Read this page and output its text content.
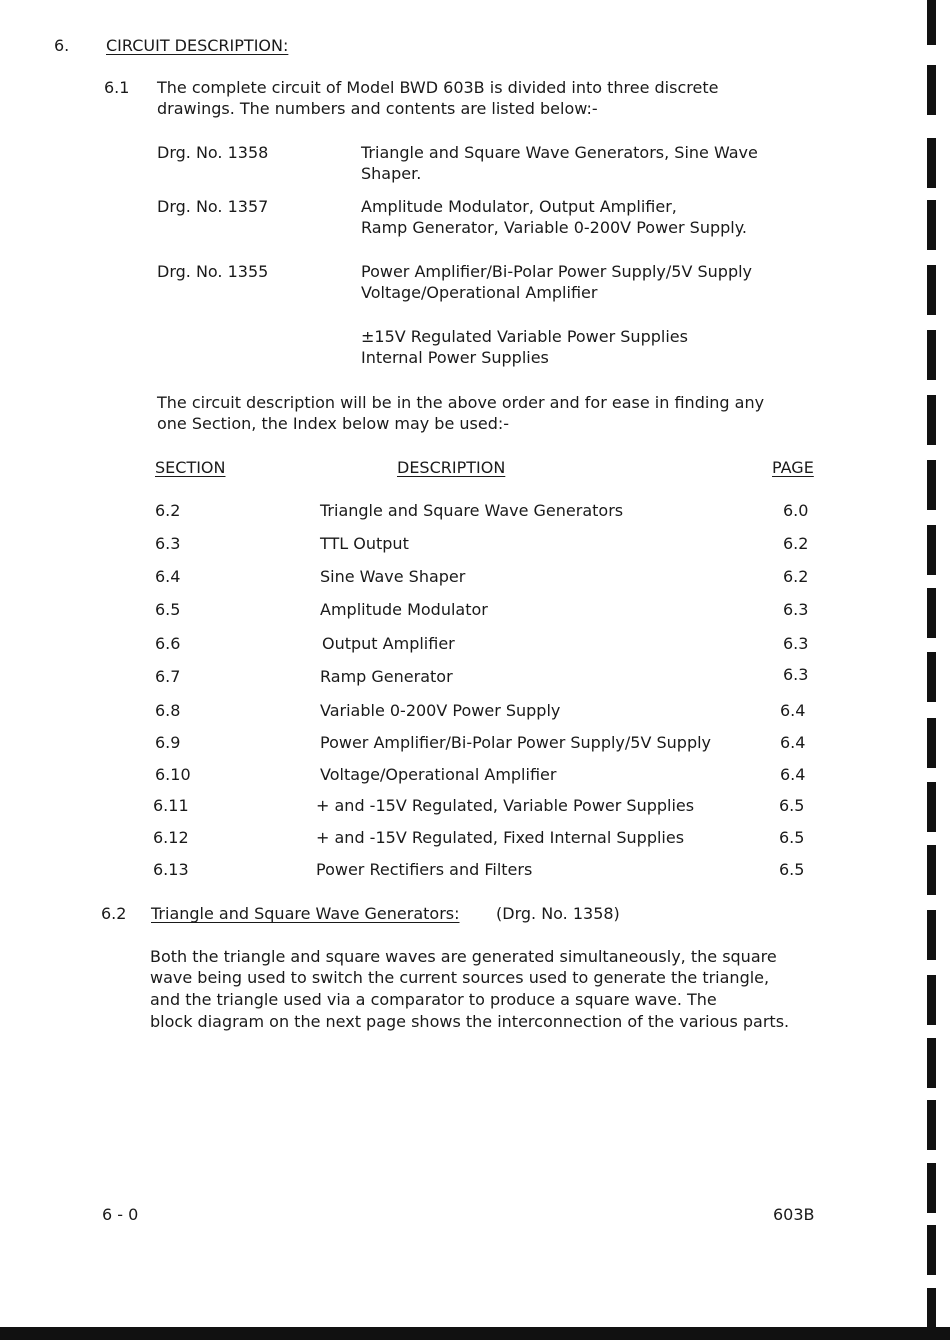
6. CIRCUIT DESCRIPTION:
6.1 The complete circuit of Model BWD 603B is divided into three discrete
drawings. The numbers and contents are listed below:-
Drg. No. 1358	Triangle and Square Wave Generators, Sine Wave
Shaper.
Drg. No. 1357	Amplitude Modulator, Output Amplifier,
Ramp Generator, Variable 0-200V Power Supply.
Drg. No. 1355	Power Amplifier/Bi-Polar Power Supply/5V Supply
Voltage/Operational Amplifier
±15V Regulated Variable Power Supplies
Internal Power Supplies
The circuit description will be in the above order and for ease in finding any
one Section, the Index below may be used:-
SECTION	DESCRIPTION	PAGE
6.2	Triangle and Square Wave Generators	6.0
6.3	TTL Output	6.2
6.4	Sine Wave Shaper	6.2
6.5	Amplitude Modulator	6.3
6.6	Output Amplifier	6.3
6.7	Ramp Generator	6.3
6.8	Variable 0-200V Power Supply	6.4
6.9	Power Amplifier/Bi-Polar Power Supply/5V Supply	6.4
6.10	Voltage/Operational Amplifier	6.4
6.11	+ and -15V Regulated, Variable Power Supplies	6.5
6.12	+ and -15V Regulated, Fixed Internal Supplies	6.5
6.13	Power Rectifiers and Filters	6.5
6.2 Triangle and Square Wave Generators: (Drg. No. 1358)
Both the triangle and square waves are generated simultaneously, the square
wave being used to switch the current sources used to generate the triangle,
and the triangle used via a comparator to produce a square wave. The
block diagram on the next page shows the interconnection of the various parts.
6 - 0	603B
